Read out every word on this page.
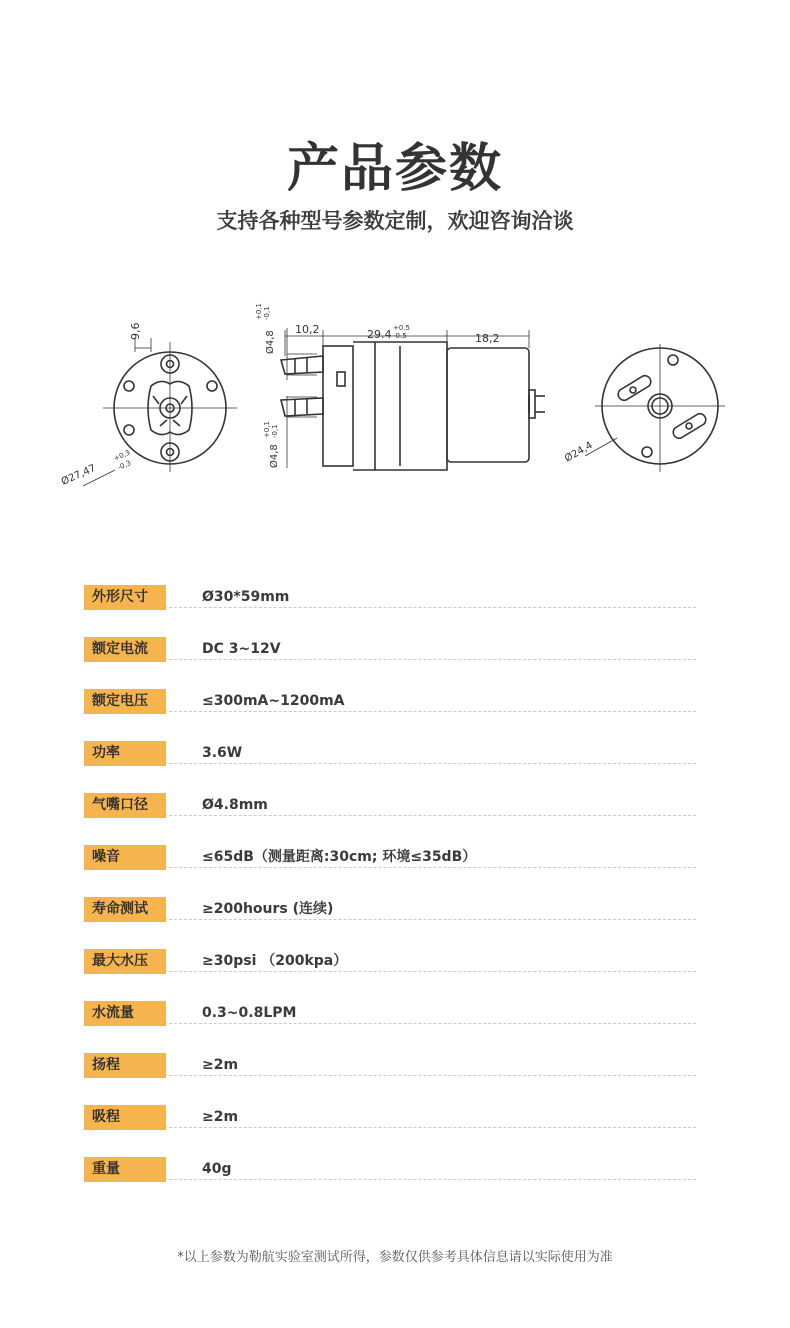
产品参数
支持各种型号参数定制，欢迎咨询洽谈
9,6
Ø27,47
+0,3
-0,3
Ø4,8
+0,1 -0,1
Ø4,8
+0,1 -0,1
10,2	29.4 +0.5
-0.5	18,2
Ø24,4
外形尺寸	Ø30*59mm
额定电流	DC 3~12V
额定电压	≤300mA~1200mA
功率	3.6W
气嘴口径	Ø4.8mm
噪音	≤65dB（测量距离:30cm; 环境≤35dB）
寿命测试	≥200hours (连续)
最大水压	≥30psi （200kpa）
水流量	0.3~0.8LPM
扬程	≥2m
吸程	≥2m
重量	40g
*以上参数为勒航实验室测试所得，参数仅供参考具体信息请以实际使用为准
